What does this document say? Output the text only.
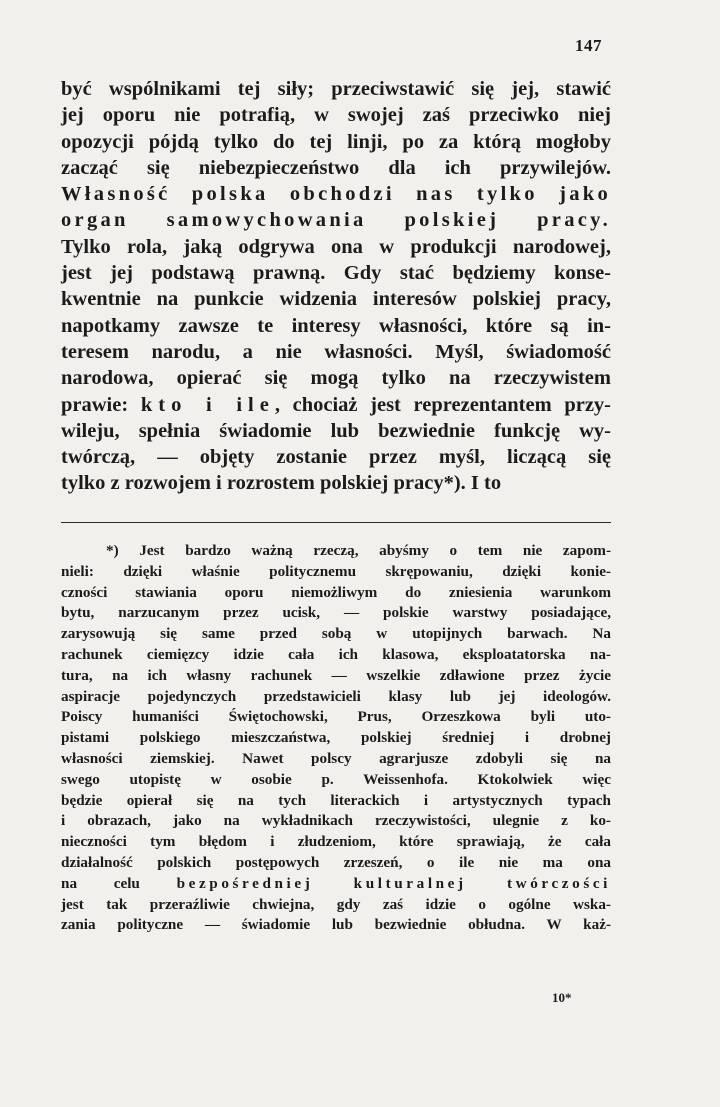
147
być wspólnikami tej siły; przeciwstawić się jej, stawić
jej oporu nie potrafią, w swojej zaś przeciwko niej
opozycji pójdą tylko do tej linji, po za którą mogłoby
zacząć się niebezpieczeństwo dla ich przywilejów.
Własność polska obchodzi nas tylko jako
organ samowychowania polskiej pracy.
Tylko rola, jaką odgrywa ona w produkcji narodowej,
jest jej podstawą prawną. Gdy stać będziemy konse-
kwentnie na punkcie widzenia interesów polskiej pracy,
napotkamy zawsze te interesy własności, które są in-
teresem narodu, a nie własności. Myśl, świadomość
narodowa, opierać się mogą tylko na rzeczywistem
prawie: kto i ile, chociaż jest reprezentantem przy-
wileju, spełnia świadomie lub bezwiednie funkcję wy-
twórczą, — objęty zostanie przez myśl, liczącą się
tylko z rozwojem i rozrostem polskiej pracy*). I to
*) Jest bardzo ważną rzeczą, abyśmy o tem nie zapom-
nieli: dzięki właśnie politycznemu skrępowaniu, dzięki konie-
czności stawiania oporu niemożliwym do zniesienia warunkom
bytu, narzucanym przez ucisk, — polskie warstwy posiadające,
zarysowują się same przed sobą w utopijnych barwach. Na
rachunek ciemięzcy idzie cała ich klasowa, eksploatatorska na-
tura, na ich własny rachunek — wszelkie zdławione przez życie
aspiracje pojedynczych przedstawicieli klasy lub jej ideologów.
Poiscy humaniści Świętochowski, Prus, Orzeszkowa byli uto-
pistami polskiego mieszczaństwa, polskiej średniej i drobnej
własności ziemskiej. Nawet polscy agrarjusze zdobyli się na
swego utopistę w osobie p. Weissenhofa. Ktokolwiek więc
będzie opierał się na tych literackich i artystycznych typach
i obrazach, jako na wykładnikach rzeczywistości, ulegnie z ko-
nieczności tym błędom i złudzeniom, które sprawiają, że cała
działalność polskich postępowych zrzeszeń, o ile nie ma ona
na celu bezpośredniej kulturalnej twórczości
jest tak przeraźliwie chwiejna, gdy zaś idzie o ogólne wska-
zania polityczne — świadomie lub bezwiednie obłudna. W każ-
10*
